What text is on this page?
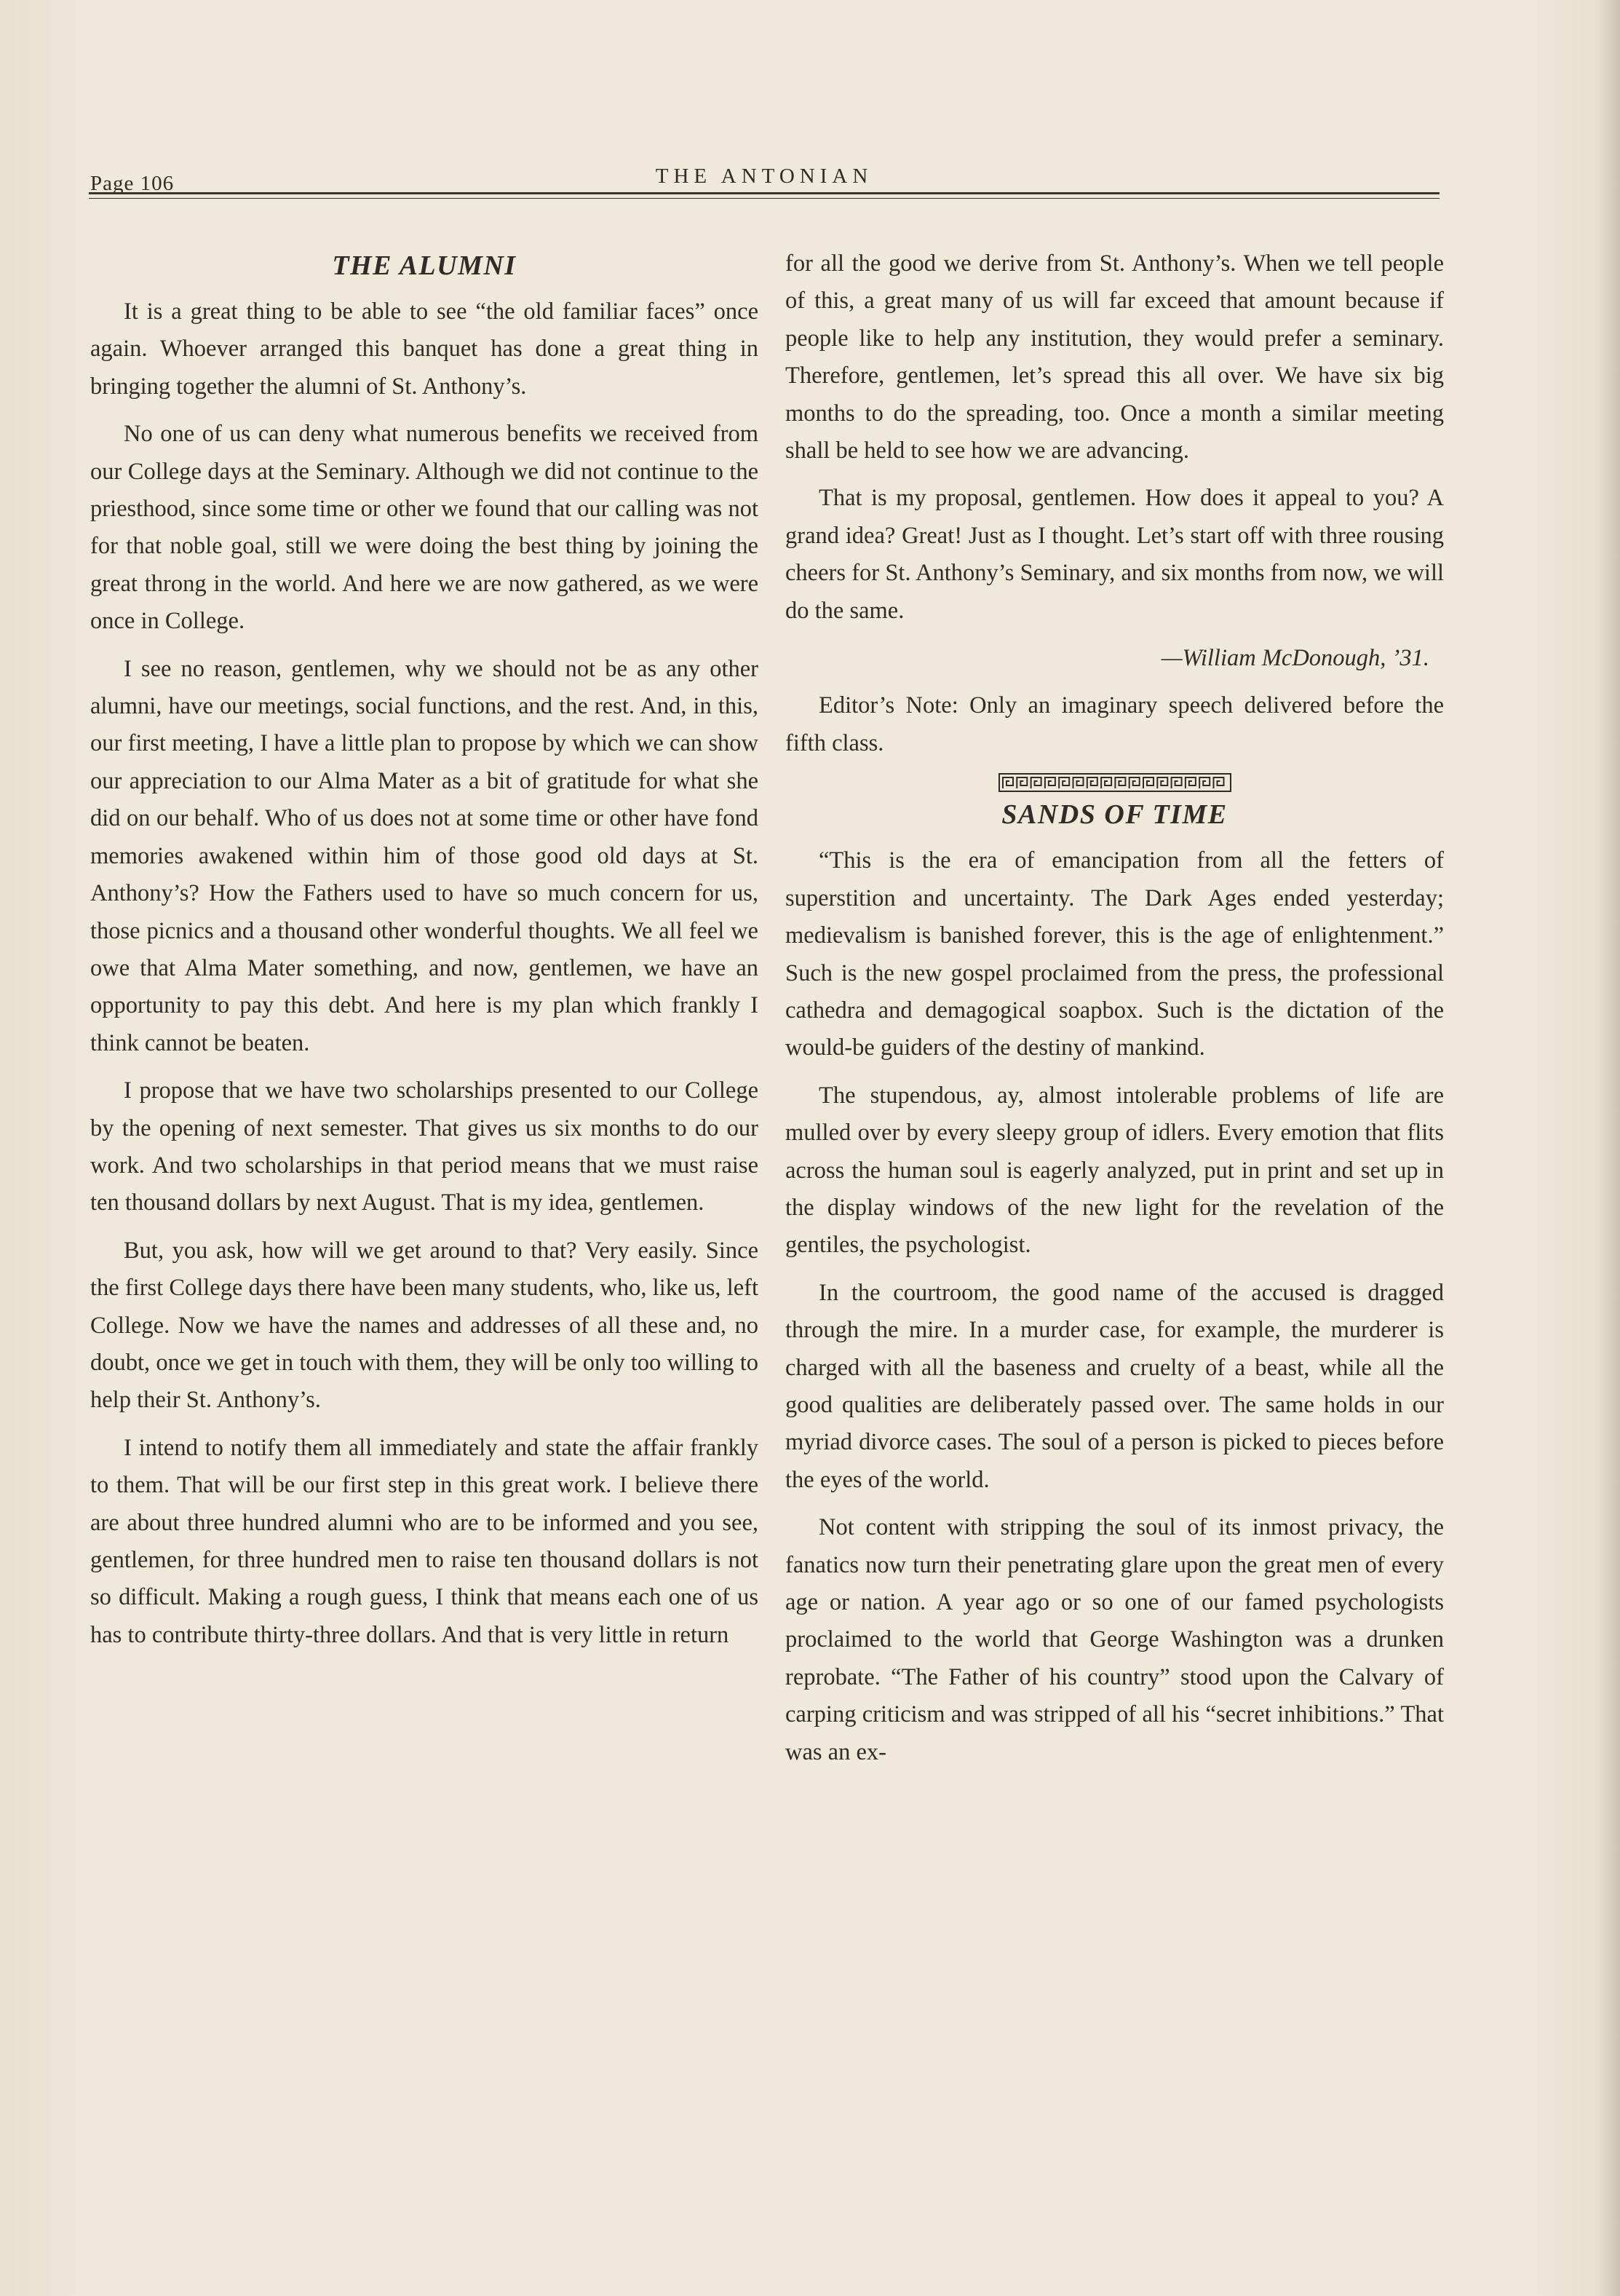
Page 106	THE ANTONIAN
THE ALUMNI

It is a great thing to be able to see “the old familiar faces” once again. Whoever arranged this banquet has done a great thing in bringing together the alumni of St. Anthony’s.

No one of us can deny what numerous benefits we received from our College days at the Seminary. Although we did not continue to the priesthood, since some time or other we found that our calling was not for that noble goal, still we were doing the best thing by joining the great throng in the world. And here we are now gathered, as we were once in College.

I see no reason, gentlemen, why we should not be as any other alumni, have our meetings, social functions, and the rest. And, in this, our first meeting, I have a little plan to propose by which we can show our appreciation to our Alma Mater as a bit of gratitude for what she did on our behalf. Who of us does not at some time or other have fond memories awakened within him of those good old days at St. Anthony’s? How the Fathers used to have so much concern for us, those picnics and a thousand other wonderful thoughts. We all feel we owe that Alma Mater something, and now, gentlemen, we have an opportunity to pay this debt. And here is my plan which frankly I think cannot be beaten.

I propose that we have two scholarships presented to our College by the opening of next semester. That gives us six months to do our work. And two scholarships in that period means that we must raise ten thousand dollars by next August. That is my idea, gentlemen.

But, you ask, how will we get around to that? Very easily. Since the first College days there have been many students, who, like us, left College. Now we have the names and addresses of all these and, no doubt, once we get in touch with them, they will be only too willing to help their St. Anthony’s.

I intend to notify them all immediately and state the affair frankly to them. That will be our first step in this great work. I believe there are about three hundred alumni who are to be informed and you see, gentlemen, for three hundred men to raise ten thousand dollars is not so difficult. Making a rough guess, I think that means each one of us has to contribute thirty-three dollars. And that is very little in return

for all the good we derive from St. Anthony’s. When we tell people of this, a great many of us will far exceed that amount because if people like to help any institution, they would prefer a seminary. Therefore, gentlemen, let’s spread this all over. We have six big months to do the spreading, too. Once a month a similar meeting shall be held to see how we are advancing.

That is my proposal, gentlemen. How does it appeal to you? A grand idea? Great! Just as I thought. Let’s start off with three rousing cheers for St. Anthony’s Seminary, and six months from now, we will do the same.

—William McDonough, ’31.

Editor’s Note: Only an imaginary speech delivered before the fifth class.

SANDS OF TIME

“This is the era of emancipation from all the fetters of superstition and uncertainty. The Dark Ages ended yesterday; medievalism is banished forever, this is the age of enlightenment.” Such is the new gospel proclaimed from the press, the professional cathedra and demagogical soapbox. Such is the dictation of the would-be guiders of the destiny of mankind.

The stupendous, ay, almost intolerable problems of life are mulled over by every sleepy group of idlers. Every emotion that flits across the human soul is eagerly analyzed, put in print and set up in the display windows of the new light for the revelation of the gentiles, the psychologist.

In the courtroom, the good name of the accused is dragged through the mire. In a murder case, for example, the murderer is charged with all the baseness and cruelty of a beast, while all the good qualities are deliberately passed over. The same holds in our myriad divorce cases. The soul of a person is picked to pieces before the eyes of the world.

Not content with stripping the soul of its inmost privacy, the fanatics now turn their penetrating glare upon the great men of every age or nation. A year ago or so one of our famed psychologists proclaimed to the world that George Washington was a drunken reprobate. “The Father of his country” stood upon the Calvary of carping criticism and was stripped of all his “secret inhibitions.” That was an ex-
